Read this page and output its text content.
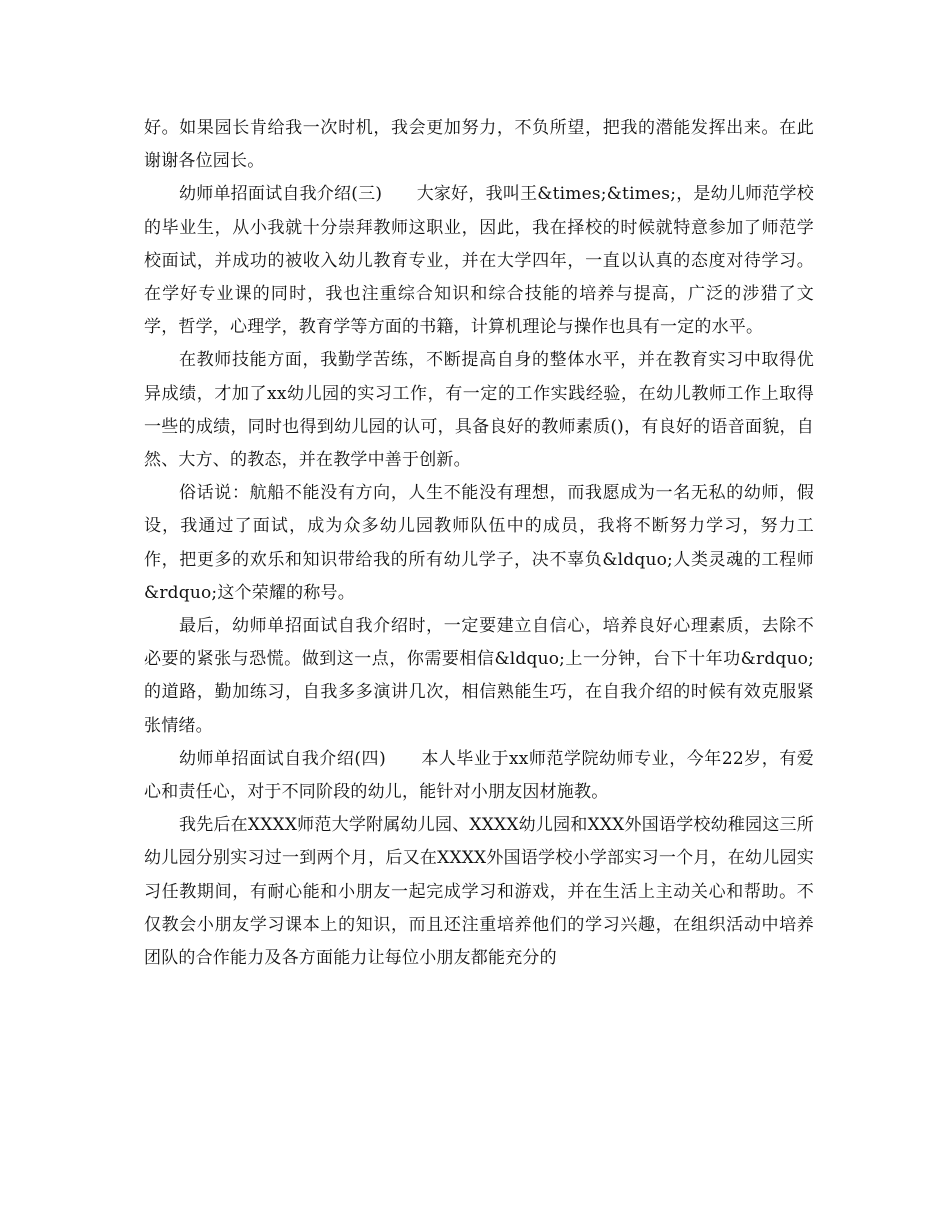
好。如果园长肯给我一次时机，我会更加努力，不负所望，把我的潜能发挥出来。在此谢谢各位园长。

幼师单招面试自我介绍(三)　　大家好，我叫王&times;&times;，是幼儿师范学校的毕业生，从小我就十分崇拜教师这职业，因此，我在择校的时候就特意参加了师范学校面试，并成功的被收入幼儿教育专业，并在大学四年，一直以认真的态度对待学习。在学好专业课的同时，我也注重综合知识和综合技能的培养与提高，广泛的涉猎了文学，哲学，心理学，教育学等方面的书籍，计算机理论与操作也具有一定的水平。

在教师技能方面，我勤学苦练，不断提高自身的整体水平，并在教育实习中取得优异成绩，才加了xx幼儿园的实习工作，有一定的工作实践经验，在幼儿教师工作上取得一些的成绩，同时也得到幼儿园的认可，具备良好的教师素质()，有良好的语音面貌，自然、大方、的教态，并在教学中善于创新。

俗话说：航船不能没有方向，人生不能没有理想，而我愿成为一名无私的幼师，假设，我通过了面试，成为众多幼儿园教师队伍中的成员，我将不断努力学习，努力工作，把更多的欢乐和知识带给我的所有幼儿学子，决不辜负&ldquo;人类灵魂的工程师&rdquo;这个荣耀的称号。

最后，幼师单招面试自我介绍时，一定要建立自信心，培养良好心理素质，去除不必要的紧张与恐慌。做到这一点，你需要相信&ldquo;上一分钟，台下十年功&rdquo;的道路，勤加练习，自我多多演讲几次，相信熟能生巧，在自我介绍的时候有效克服紧张情绪。

幼师单招面试自我介绍(四)　　本人毕业于xx师范学院幼师专业，今年22岁，有爱心和责任心，对于不同阶段的幼儿，能针对小朋友因材施教。

我先后在XXXX师范大学附属幼儿园、XXXX幼儿园和XXX外国语学校幼稚园这三所幼儿园分别实习过一到两个月，后又在XXXX外国语学校小学部实习一个月，在幼儿园实习任教期间，有耐心能和小朋友一起完成学习和游戏，并在生活上主动关心和帮助。不仅教会小朋友学习课本上的知识，而且还注重培养他们的学习兴趣，在组织活动中培养团队的合作能力及各方面能力让每位小朋友都能充分的
